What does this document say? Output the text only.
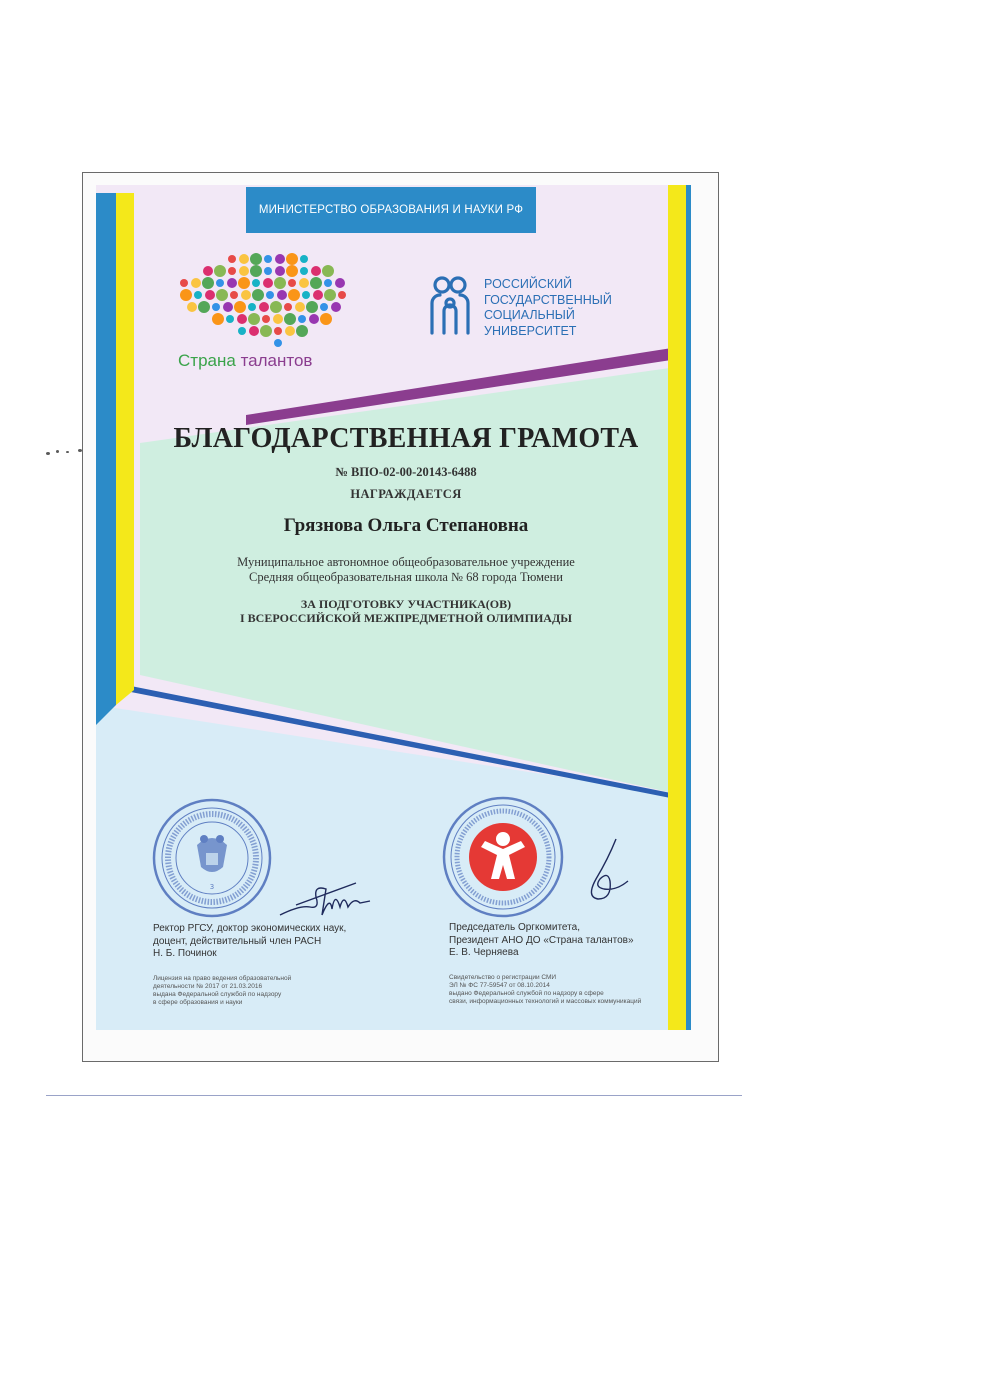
МИНИСТЕРСТВО ОБРАЗОВАНИЯ И НАУКИ РФ
Страна талантов
РОССИЙСКИЙ
ГОСУДАРСТВЕННЫЙ
СОЦИАЛЬНЫЙ
УНИВЕРСИТЕТ
БЛАГОДАРСТВЕННАЯ ГРАМОТА
№ ВПО-02-00-20143-6488
НАГРАЖДАЕТСЯ
Грязнова Ольга Степановна
Муниципальное автономное общеобразовательное учреждение
Средняя общеобразовательная школа № 68 города Тюмени
ЗА ПОДГОТОВКУ УЧАСТНИКА(ОВ)
I ВСЕРОССИЙСКОЙ МЕЖПРЕДМЕТНОЙ ОЛИМПИАДЫ
3
Ректор РГСУ, доктор экономических наук,
доцент, действительный член РАСН
Н. Б. Починок
Лицензия на право ведения образовательной
деятельности № 2017 от 21.03.2016
выдана Федеральной службой по надзору
в сфере образования и науки
Председатель Оргкомитета,
Президент АНО ДО «Страна талантов»
Е. В. Черняева
Свидетельство о регистрации СМИ
ЭЛ № ФС 77-59547 от 08.10.2014
выдано Федеральной службой по надзору в сфере
связи, информационных технологий и массовых коммуникаций
